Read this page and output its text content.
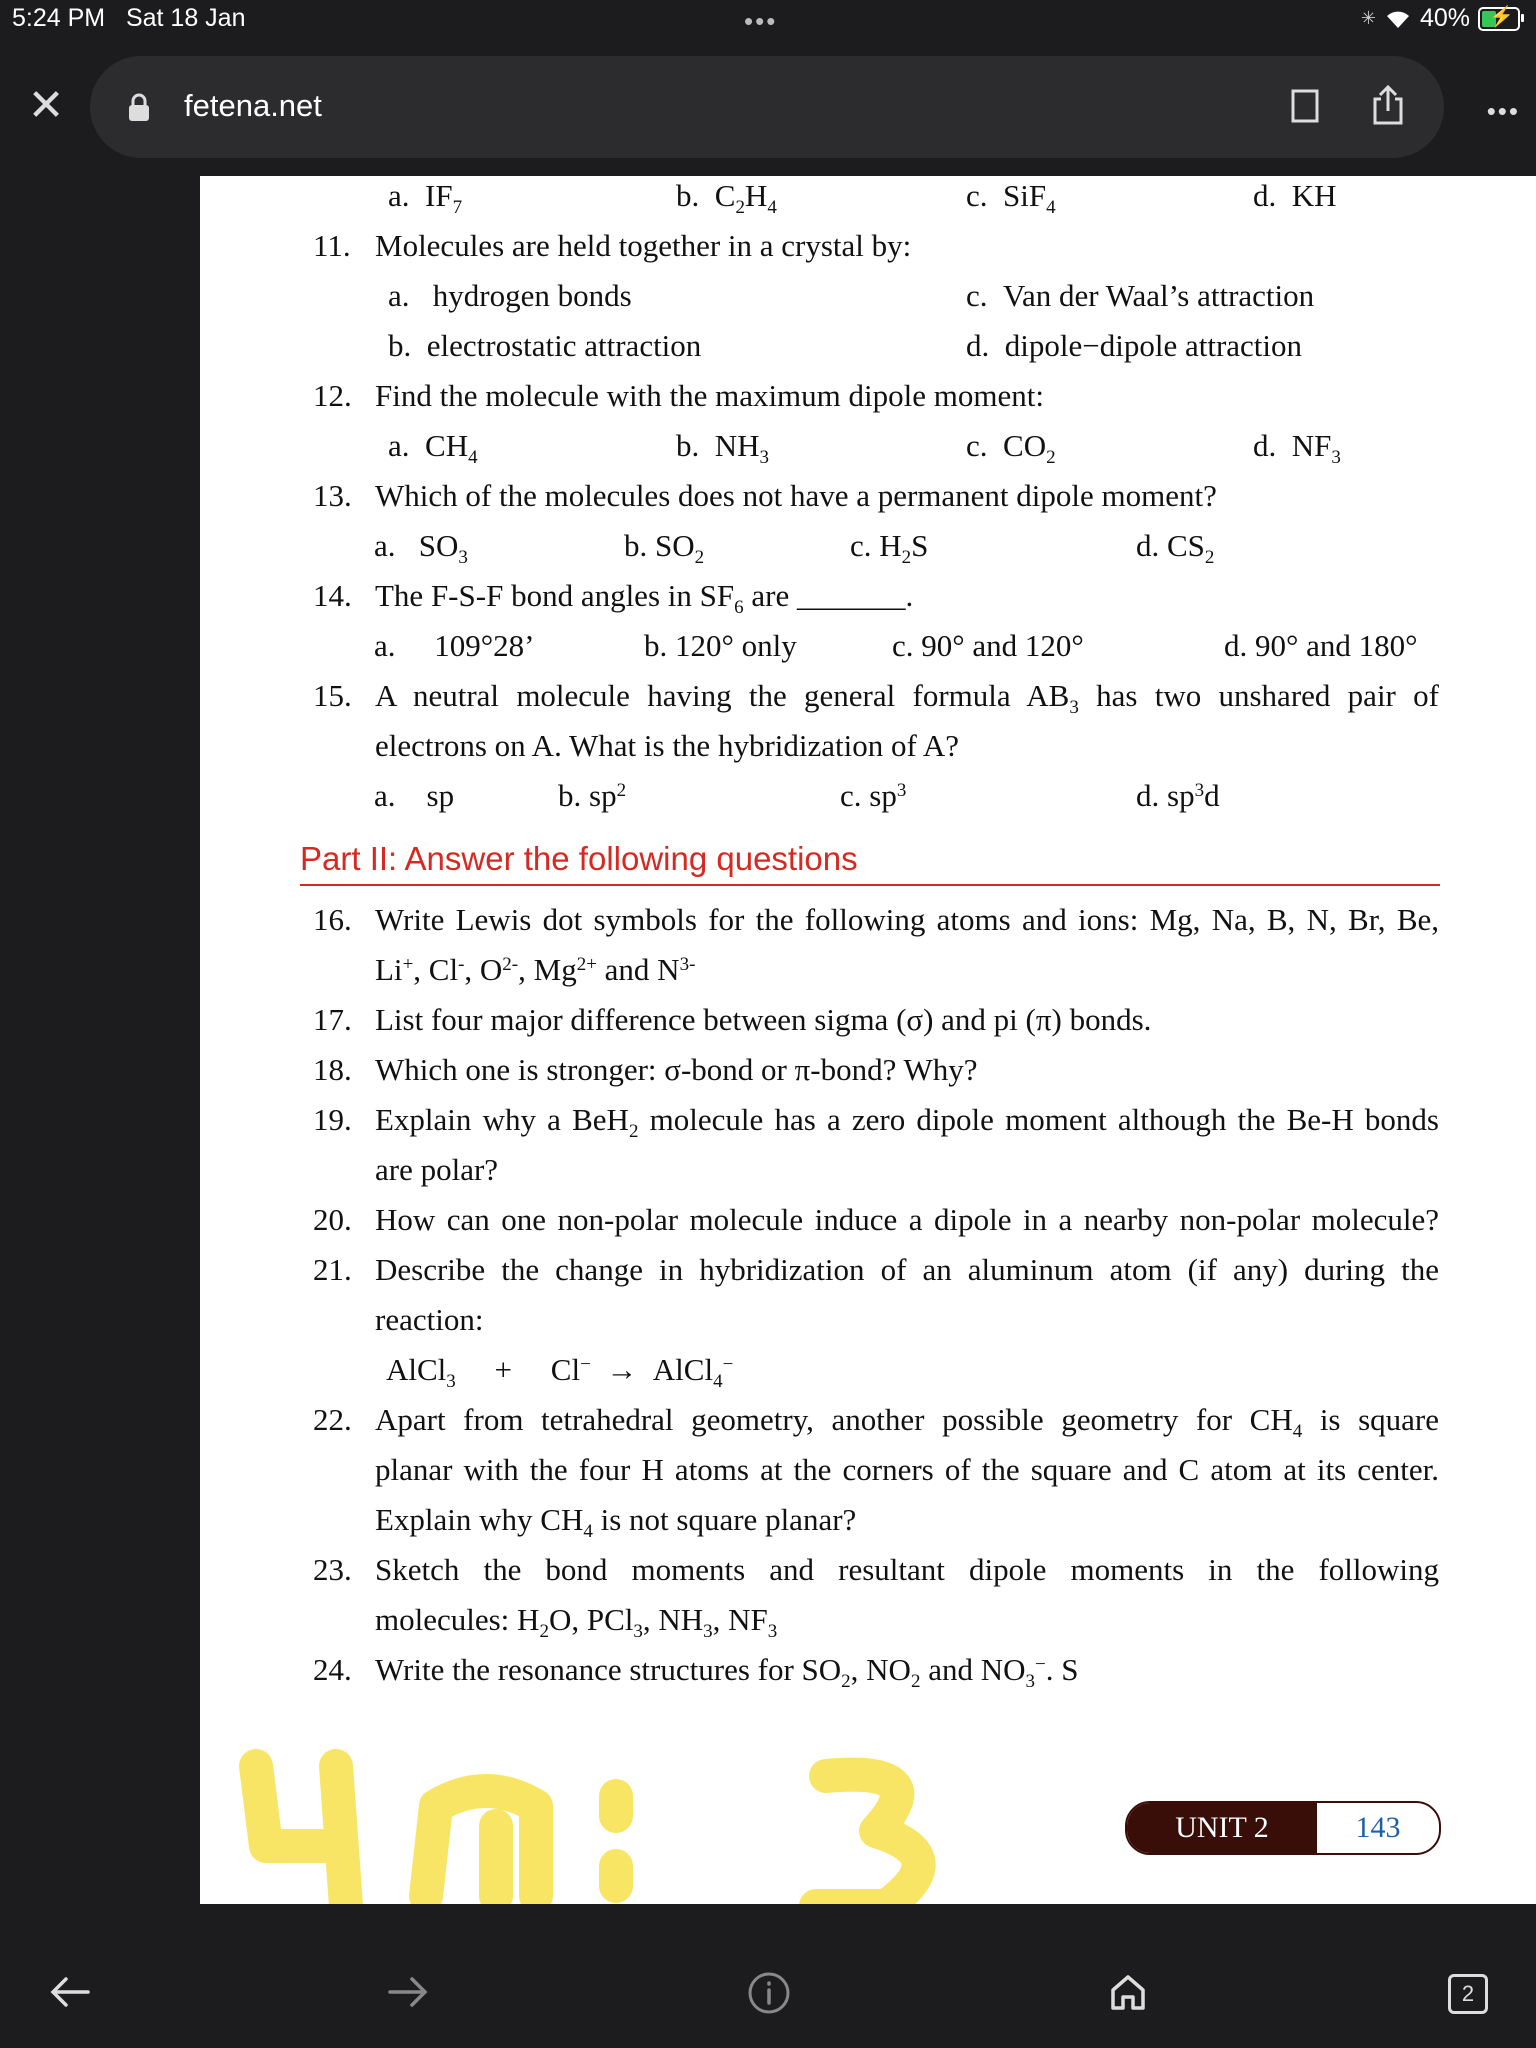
5:24 PM Sat 18 Jan	•••	✳ 40% ⚡
✕	fetena.net	•••
a. $IF_7$	b. $C_2H_4$	c. SiF$_4$	d. KH
11. Molecules are held together in a crystal by:
a. hydrogen bonds	c. Van der Waal’s attraction
b. electrostatic attraction	d. dipole−dipole attraction
12. Find the molecule with the maximum dipole moment:
a. $CH_4$	b. $NH_3$	c. $CO_2$	d. $NF_3$
13. Which of the molecules does not have a permanent dipole moment?
a. $SO_3$	b. $SO_2$	c. $H_2S$	d. $CS_2$
14. The F-S-F bond angles in $SF_6$ are _______.
a. 109°28’	b. 120° only	c. 90° and 120°	d. 90° and 180°
15. A neutral molecule having the general formula $AB_3$ has two unshared pair of
electrons on A. What is the hybridization of A?
a. sp	b. $sp^2$	c. $sp^3$	d. $sp^3d$
Part II: Answer the following questions
16. Write Lewis dot symbols for the following atoms and ions: Mg, Na, B, N, Br, Be,
Li+, Cl-, $O^{2-}$, $Mg^{2+}$ and $N^{3-}$
17. List four major difference between sigma (σ) and pi (π) bonds.
18. Which one is stronger: σ-bond or π-bond? Why?
19. Explain why a BeH$_2$ molecule has a zero dipole moment although the Be-H bonds
are polar?
20. How can one non-polar molecule induce a dipole in a nearby non-polar molecule?
21. Describe the change in hybridization of an aluminum atom (if any) during the
reaction:
AlCl$_3$ + Cl− → AlCl$_4$−
22. Apart from tetrahedral geometry, another possible geometry for $CH_4$ is square
planar with the four H atoms at the corners of the square and C atom at its center.
Explain why $CH_4$ is not square planar?
23. Sketch the bond moments and resultant dipole moments in the following
molecules: $H_2O$, PCl$_3$, $NH_3$, $NF_3$
24. Write the resonance structures for $SO_2$, $NO_2$ and $NO_3^-$. S
UNIT 2	143
2
